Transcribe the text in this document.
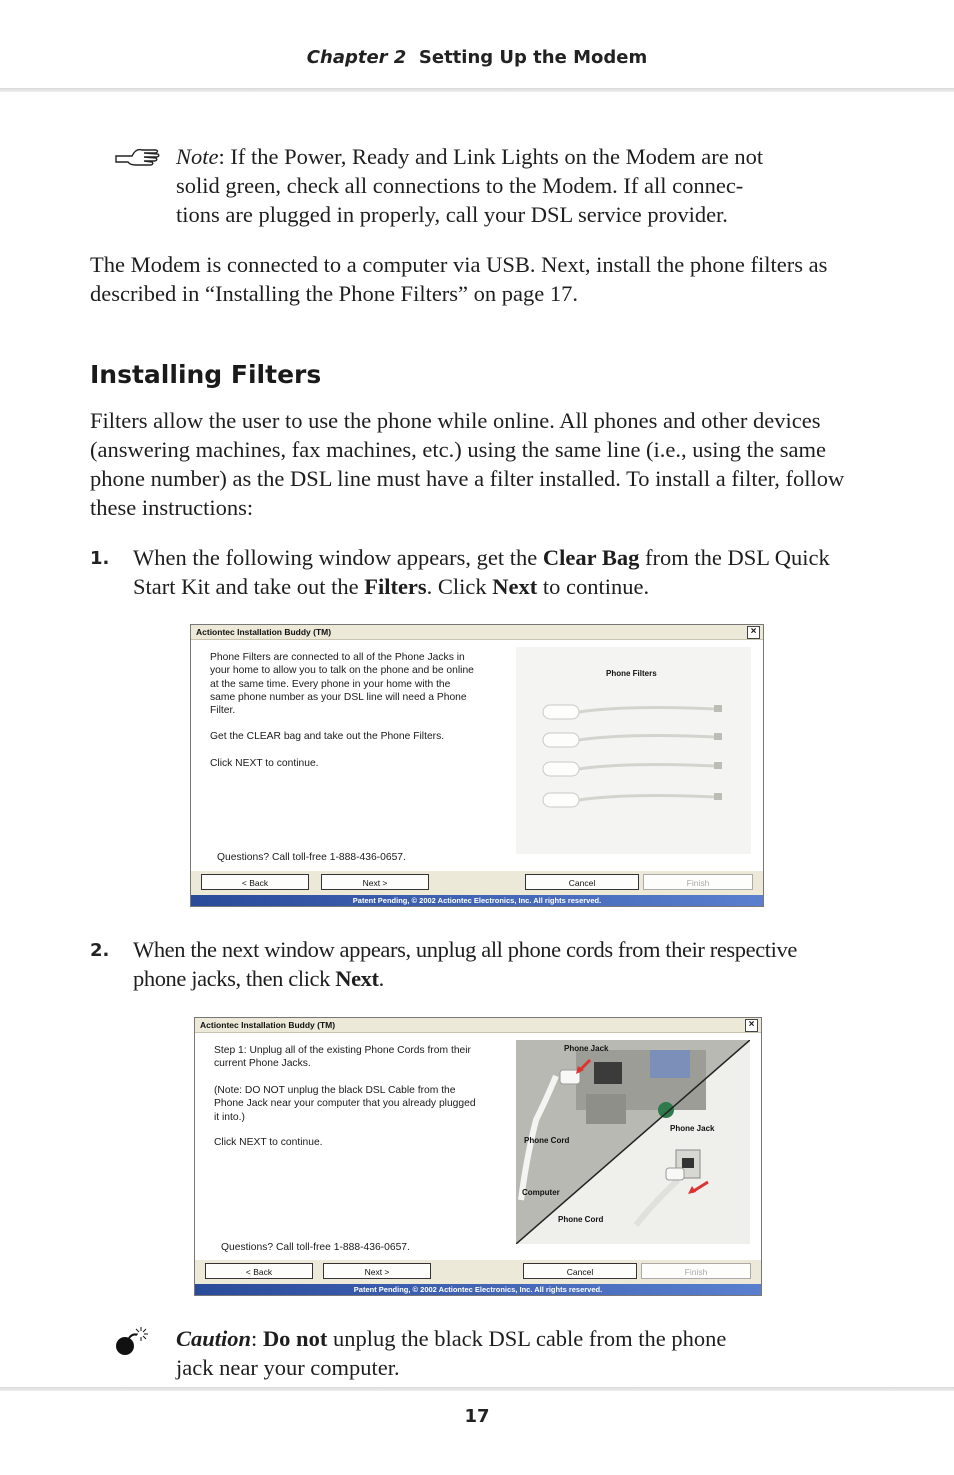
Chapter 2 Setting Up the Modem
Note: If the Power, Ready and Link Lights on the Modem are not
solid green, check all connections to the Modem. If all connec-
tions are plugged in properly, call your DSL service provider.
The Modem is connected to a computer via USB. Next, install the phone filters as
described in “Installing the Phone Filters” on page 17.
Installing Filters
Filters allow the user to use the phone while online. All phones and other devices
(answering machines, fax machines, etc.) using the same line (i.e., using the same
phone number) as the DSL line must have a filter installed. To install a filter, follow
these instructions:
1. When the following window appears, get the Clear Bag from the DSL Quick
Start Kit and take out the Filters. Click Next to continue.
Actiontec Installation Buddy (TM)	×
Phone Filters are connected to all of the Phone Jacks in
your home to allow you to talk on the phone and be online
at the same time. Every phone in your home with the
same phone number as your DSL line will need a Phone
Filter.
Get the CLEAR bag and take out the Phone Filters.
Click NEXT to continue.
Questions? Call toll-free 1-888-436-0657.
Phone Filters
< Back	Next >	Cancel	Finish
Patent Pending, © 2002 Actiontec Electronics, Inc. All rights reserved.
2. When the next window appears, unplug all phone cords from their respective
phone jacks, then click Next.
Actiontec Installation Buddy (TM)	×
Step 1: Unplug all of the existing Phone Cords from their
current Phone Jacks.
(Note: DO NOT unplug the black DSL Cable from the
Phone Jack near your computer that you already plugged
it into.)
Click NEXT to continue.
Questions? Call toll-free 1-888-436-0657.
Phone Jack
Phone Cord
Phone Jack
Computer
Phone Cord
< Back	Next >	Cancel	Finish
Patent Pending, © 2002 Actiontec Electronics, Inc. All rights reserved.
Caution: Do not unplug the black DSL cable from the phone
jack near your computer.
17
